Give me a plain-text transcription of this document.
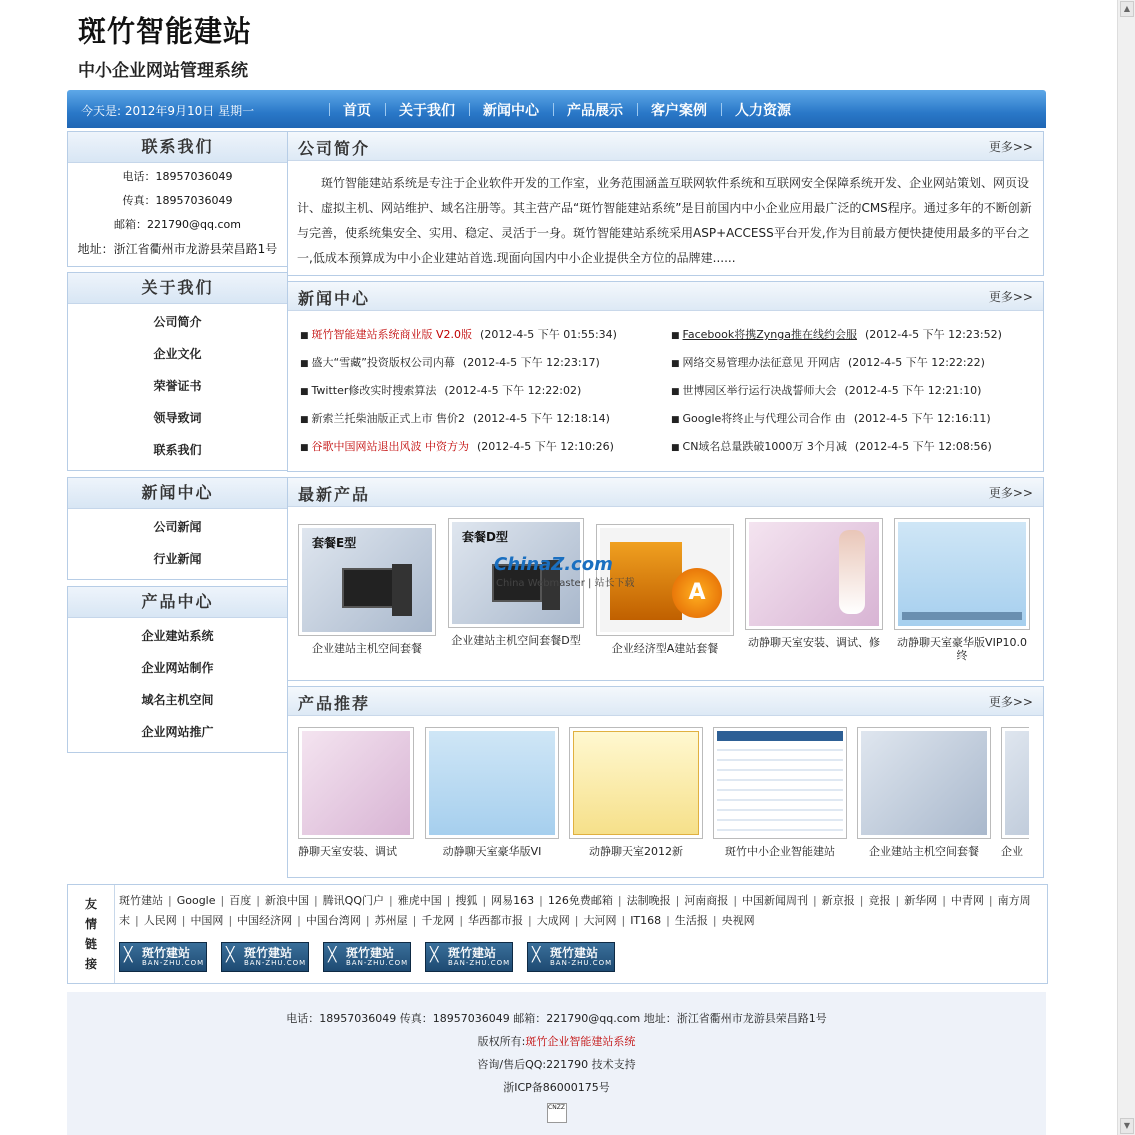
▲
▼
斑竹智能建站
中小企业网站管理系统
今天是: 2012年9月10日 星期一	首页	关于我们	新闻中心	产品展示	客户案例	人力资源
联系我们
电话：18957036049
传真：18957036049
邮箱：221790@qq.com
地址：浙江省衢州市龙游县荣昌路1号
关于我们
公司简介
企业文化
荣誉证书
领导致词
联系我们
新闻中心
公司新闻
行业新闻
产品中心
企业建站系统
企业网站制作
域名主机空间
企业网站推广
公司简介	更多>>
斑竹智能建站系统是专注于企业软件开发的工作室，业务范围涵盖互联网软件系统和互联网安全保障系统开发、企业网站策划、网页设计、虚拟主机、网站维护、域名注册等。其主营产品“斑竹智能建站系统”是目前国内中小企业应用最广泛的CMS程序。通过多年的不断创新与完善，使系统集安全、实用、稳定、灵活于一身。斑竹智能建站系统采用ASP+ACCESS平台开发,作为目前最方便快捷使用最多的平台之一,低成本预算成为中小企业建站首选.现面向国内中小企业提供全方位的品牌建......
新闻中心	更多>>
■ 斑竹智能建站系统商业版 V2.0版 (2012-4-5 下午 01:55:34)	■ Facebook将携Zynga推在线约会服 (2012-4-5 下午 12:23:52)
■ 盛大“雪藏”投资版权公司内幕 (2012-4-5 下午 12:23:17)	■ 网络交易管理办法征意见 开网店 (2012-4-5 下午 12:22:22)
■ Twitter修改实时搜索算法 (2012-4-5 下午 12:22:02)	■ 世博园区举行运行决战誓师大会 (2012-4-5 下午 12:21:10)
■ 新索兰托柴油版正式上市 售价2 (2012-4-5 下午 12:18:14)	■ Google将终止与代理公司合作 由 (2012-4-5 下午 12:16:11)
■ 谷歌中国网站退出风波 中资方为 (2012-4-5 下午 12:10:26)	■ CN域名总量跌破1000万 3个月减 (2012-4-5 下午 12:08:56)
最新产品	更多>>
套餐E型
企业建站主机空间套餐
套餐D型
企业建站主机空间套餐D型
A
企业经济型A建站套餐	动静聊天室安装、调试、修 动静聊天室豪华版VIP10.0终
ChinaZ.com
China Webmaster | 站长下载
产品推荐	更多>>
静聊天室安装、调试	动静聊天室豪华版VI	动静聊天室2012新	斑竹中小企业智能建站	企业建站主机空间套餐	企业
友
情
链
接
斑竹建站 | Google | 百度 | 新浪中国 | 腾讯QQ门户 | 雅虎中国 | 搜狐 | 网易163 | 126免费邮箱 | 法制晚报 | 河南商报 | 中国新闻周刊 | 新京报 | 竞报 | 新华网 | 中青网 | 南方周末 | 人民网 | 中国网 | 中国经济网 | 中国台湾网 | 苏州屋 | 千龙网 | 华西都市报 | 大成网 | 大河网 | IT168 | 生活报 | 央视网
╳ 斑竹建站
BAN-ZHU.COM ╳ 斑竹建站
BAN-ZHU.COM ╳ 斑竹建站
BAN-ZHU.COM ╳ 斑竹建站
BAN-ZHU.COM ╳ 斑竹建站
BAN-ZHU.COM
电话：18957036049 传真：18957036049 邮箱：221790@qq.com 地址：浙江省衢州市龙游县荣昌路1号
版权所有:斑竹企业智能建站系统
咨询/售后QQ:221790 技术支持
浙ICP备86000175号
CNZZ
